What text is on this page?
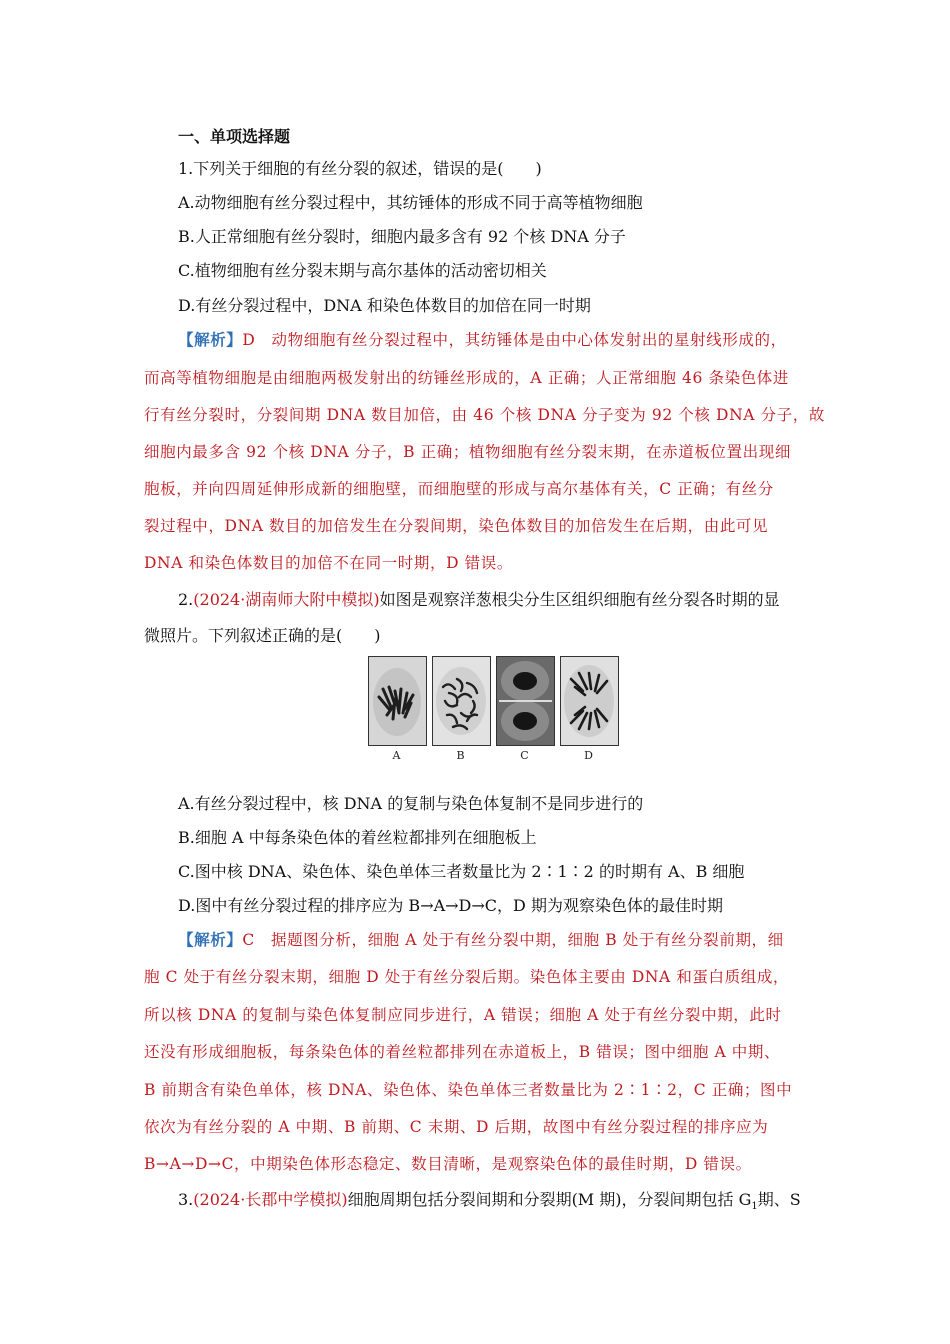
一、单项选择题
1.下列关于细胞的有丝分裂的叙述，错误的是(　　)
A.动物细胞有丝分裂过程中，其纺锤体的形成不同于高等植物细胞
B.人正常细胞有丝分裂时，细胞内最多含有 92 个核 DNA 分子
C.植物细胞有丝分裂末期与高尔基体的活动密切相关
D.有丝分裂过程中，DNA 和染色体数目的加倍在同一时期
【解析】D　动物细胞有丝分裂过程中，其纺锤体是由中心体发射出的星射线形成的，
而高等植物细胞是由细胞两极发射出的纺锤丝形成的，A 正确；人正常细胞 46 条染色体进
行有丝分裂时，分裂间期 DNA 数目加倍，由 46 个核 DNA 分子变为 92 个核 DNA 分子，故
细胞内最多含 92 个核 DNA 分子，B 正确；植物细胞有丝分裂末期，在赤道板位置出现细
胞板，并向四周延伸形成新的细胞壁，而细胞壁的形成与高尔基体有关，C 正确；有丝分
裂过程中，DNA 数目的加倍发生在分裂间期，染色体数目的加倍发生在后期，由此可见
DNA 和染色体数目的加倍不在同一时期，D 错误。
2.(2024·湖南师大附中模拟)如图是观察洋葱根尖分生区组织细胞有丝分裂各时期的显
微照片。下列叙述正确的是(　　)
A	B	C	D
A.有丝分裂过程中，核 DNA 的复制与染色体复制不是同步进行的
B.细胞 A 中每条染色体的着丝粒都排列在细胞板上
C.图中核 DNA、染色体、染色单体三者数量比为 2∶1∶2 的时期有 A、B 细胞
D.图中有丝分裂过程的排序应为 B→A→D→C，D 期为观察染色体的最佳时期
【解析】C　据题图分析，细胞 A 处于有丝分裂中期，细胞 B 处于有丝分裂前期，细
胞 C 处于有丝分裂末期，细胞 D 处于有丝分裂后期。染色体主要由 DNA 和蛋白质组成，
所以核 DNA 的复制与染色体复制应同步进行，A 错误；细胞 A 处于有丝分裂中期，此时
还没有形成细胞板，每条染色体的着丝粒都排列在赤道板上，B 错误；图中细胞 A 中期、
B 前期含有染色单体，核 DNA、染色体、染色单体三者数量比为 2∶1∶2，C 正确；图中
依次为有丝分裂的 A 中期、B 前期、C 末期、D 后期，故图中有丝分裂过程的排序应为
B→A→D→C，中期染色体形态稳定、数目清晰，是观察染色体的最佳时期，D 错误。
3.(2024·长郡中学模拟)细胞周期包括分裂间期和分裂期(M 期)，分裂间期包括 $G_1$期、S
